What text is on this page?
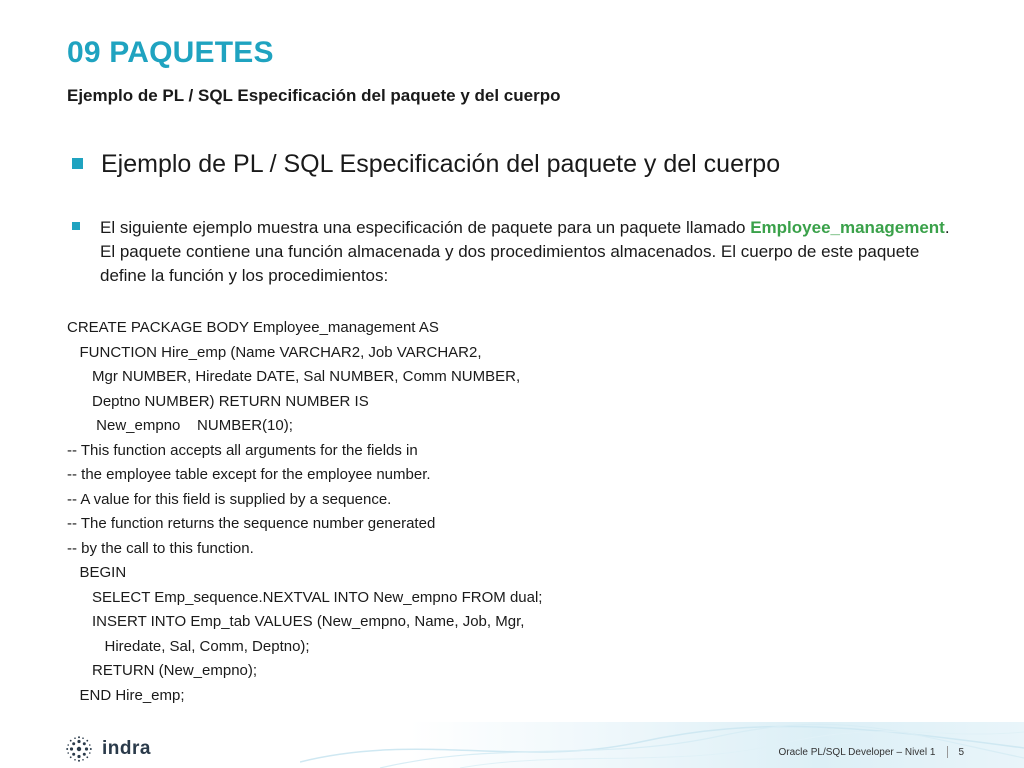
09 PAQUETES
Ejemplo de PL / SQL Especificación del paquete y del cuerpo
Ejemplo de PL / SQL Especificación del paquete y del cuerpo
El siguiente ejemplo muestra una especificación de paquete para un paquete llamado Employee_management. El paquete contiene una función almacenada y dos procedimientos almacenados. El cuerpo de este paquete define la función y los procedimientos:
CREATE PACKAGE BODY Employee_management AS
FUNCTION Hire_emp (Name VARCHAR2, Job VARCHAR2,
Mgr NUMBER, Hiredate DATE, Sal NUMBER, Comm NUMBER,
Deptno NUMBER) RETURN NUMBER IS
New_empno    NUMBER(10);
-- This function accepts all arguments for the fields in
-- the employee table except for the employee number.
-- A value for this field is supplied by a sequence.
-- The function returns the sequence number generated
-- by the call to this function.
BEGIN
SELECT Emp_sequence.NEXTVAL INTO New_empno FROM dual;
INSERT INTO Emp_tab VALUES (New_empno, Name, Job, Mgr,
Hiredate, Sal, Comm, Deptno);
RETURN (New_empno);
END Hire_emp;
indra	Oracle PL/SQL Developer – Nivel 1 5
